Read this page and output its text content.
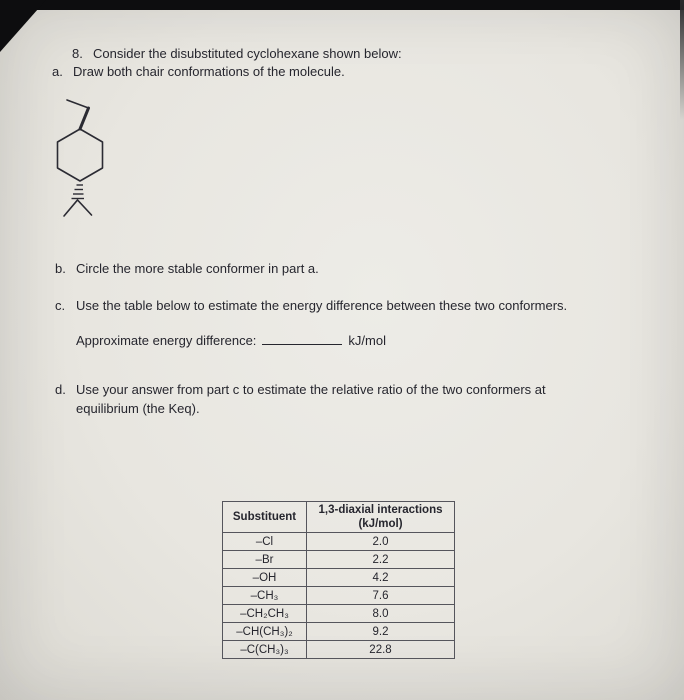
8. Consider the disubstituted cyclohexane shown below:
a. Draw both chair conformations of the molecule.
b. Circle the more stable conformer in part a.
c. Use the table below to estimate the energy difference between these two conformers.
Approximate energy difference:	kJ/mol
d. Use your answer from part c to estimate the relative ratio of the two conformers at
equilibrium (the Keq).
Substituent	1,3-diaxial interactions
(kJ/mol)

–Cl	2.0
–Br	2.2
–OH	4.2
–CH₃	7.6
–CH₂CH₃	8.0
–CH(CH₃)₂	9.2
–C(CH₃)₃	22.8
